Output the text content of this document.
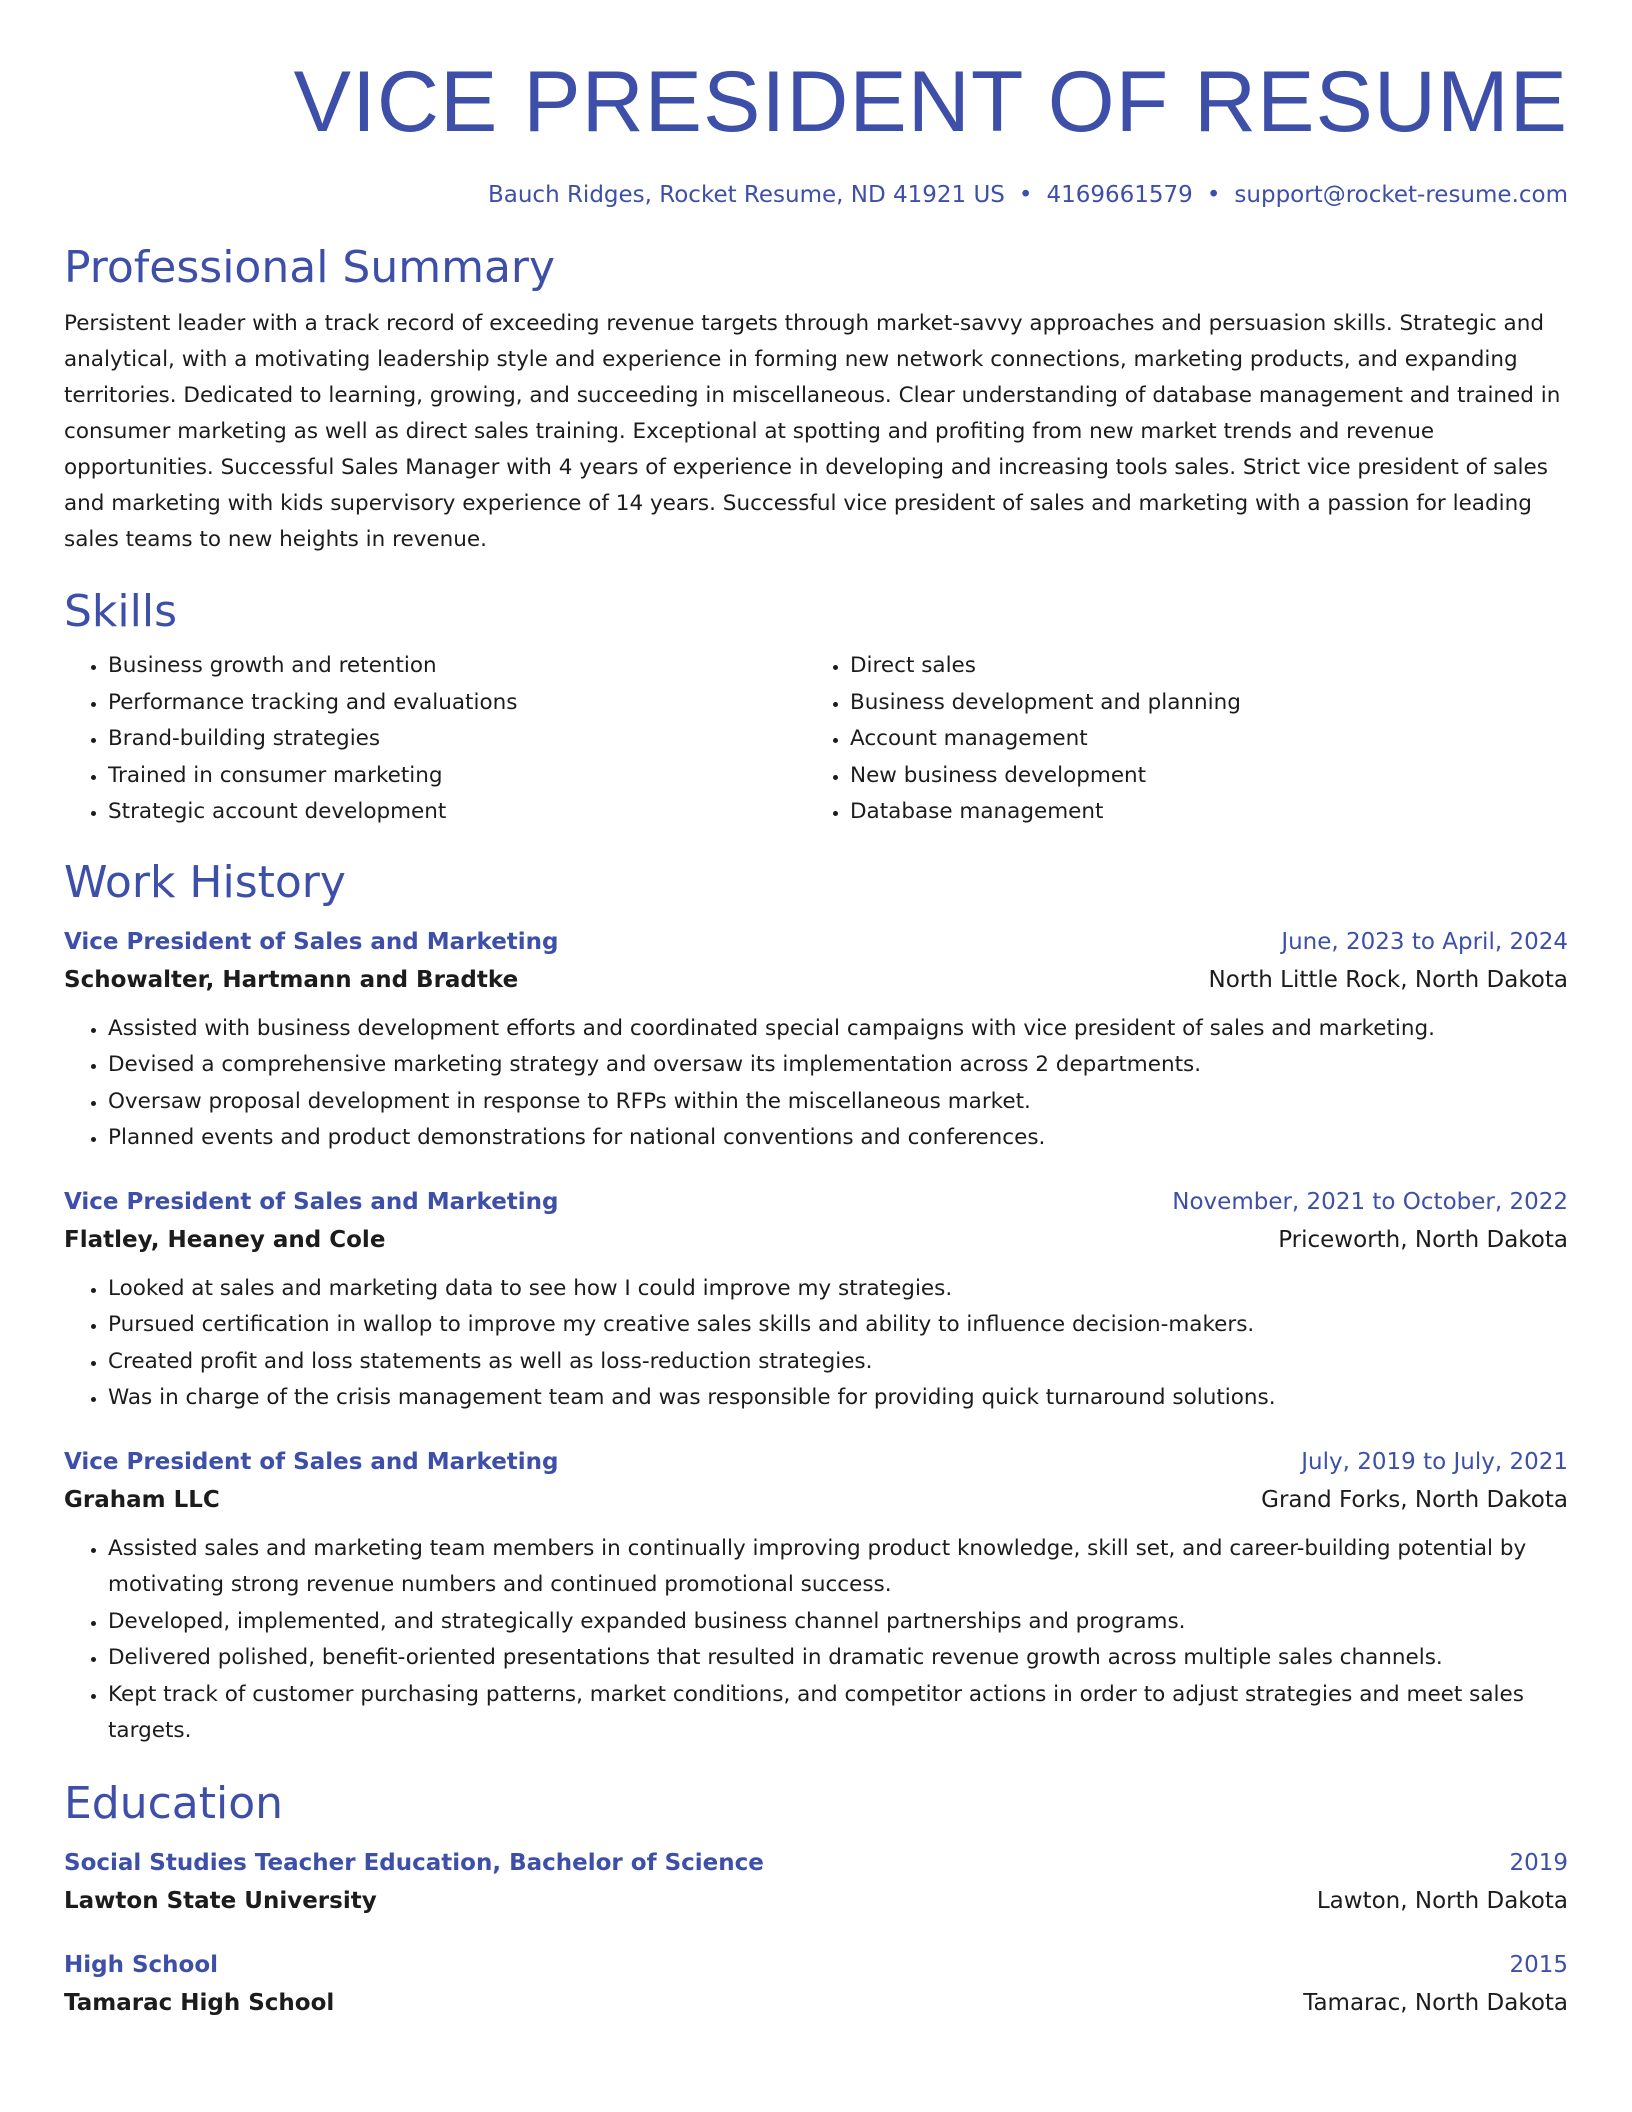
VICE PRESIDENT OF RESUME
Bauch Ridges, Rocket Resume, ND 41921 US • 4169661579 • support@rocket-resume.com
Professional Summary

Persistent leader with a track record of exceeding revenue targets through market-savvy approaches and persuasion skills. Strategic and analytical, with a motivating leadership style and experience in forming new network connections, marketing products, and expanding territories. Dedicated to learning, growing, and succeeding in miscellaneous. Clear understanding of database management and trained in consumer marketing as well as direct sales training. Exceptional at spotting and profiting from new market trends and revenue opportunities. Successful Sales Manager with 4 years of experience in developing and increasing tools sales. Strict vice president of sales and marketing with kids supervisory experience of 14 years. Successful vice president of sales and marketing with a passion for leading sales teams to new heights in revenue.

Skills
• Business growth and retention
• Performance tracking and evaluations
• Brand-building strategies
• Trained in consumer marketing
• Strategic account development
• Direct sales
• Business development and planning
• Account management
• New business development
• Database management
Work History
Vice President of Sales and Marketing	June, 2023 to April, 2024
Schowalter, Hartmann and Bradtke	North Little Rock, North Dakota
• Assisted with business development efforts and coordinated special campaigns with vice president of sales and marketing.
• Devised a comprehensive marketing strategy and oversaw its implementation across 2 departments.
• Oversaw proposal development in response to RFPs within the miscellaneous market.
• Planned events and product demonstrations for national conventions and conferences.
Vice President of Sales and Marketing	November, 2021 to October, 2022
Flatley, Heaney and Cole	Priceworth, North Dakota
• Looked at sales and marketing data to see how I could improve my strategies.
• Pursued certification in wallop to improve my creative sales skills and ability to influence decision-makers.
• Created profit and loss statements as well as loss-reduction strategies.
• Was in charge of the crisis management team and was responsible for providing quick turnaround solutions.
Vice President of Sales and Marketing	July, 2019 to July, 2021
Graham LLC	Grand Forks, North Dakota
• Assisted sales and marketing team members in continually improving product knowledge, skill set, and career-building potential by motivating strong revenue numbers and continued promotional success.
• Developed, implemented, and strategically expanded business channel partnerships and programs.
• Delivered polished, benefit-oriented presentations that resulted in dramatic revenue growth across multiple sales channels.
• Kept track of customer purchasing patterns, market conditions, and competitor actions in order to adjust strategies and meet sales targets.
Education
Social Studies Teacher Education, Bachelor of Science	2019
Lawton State University	Lawton, North Dakota
High School	2015
Tamarac High School	Tamarac, North Dakota
